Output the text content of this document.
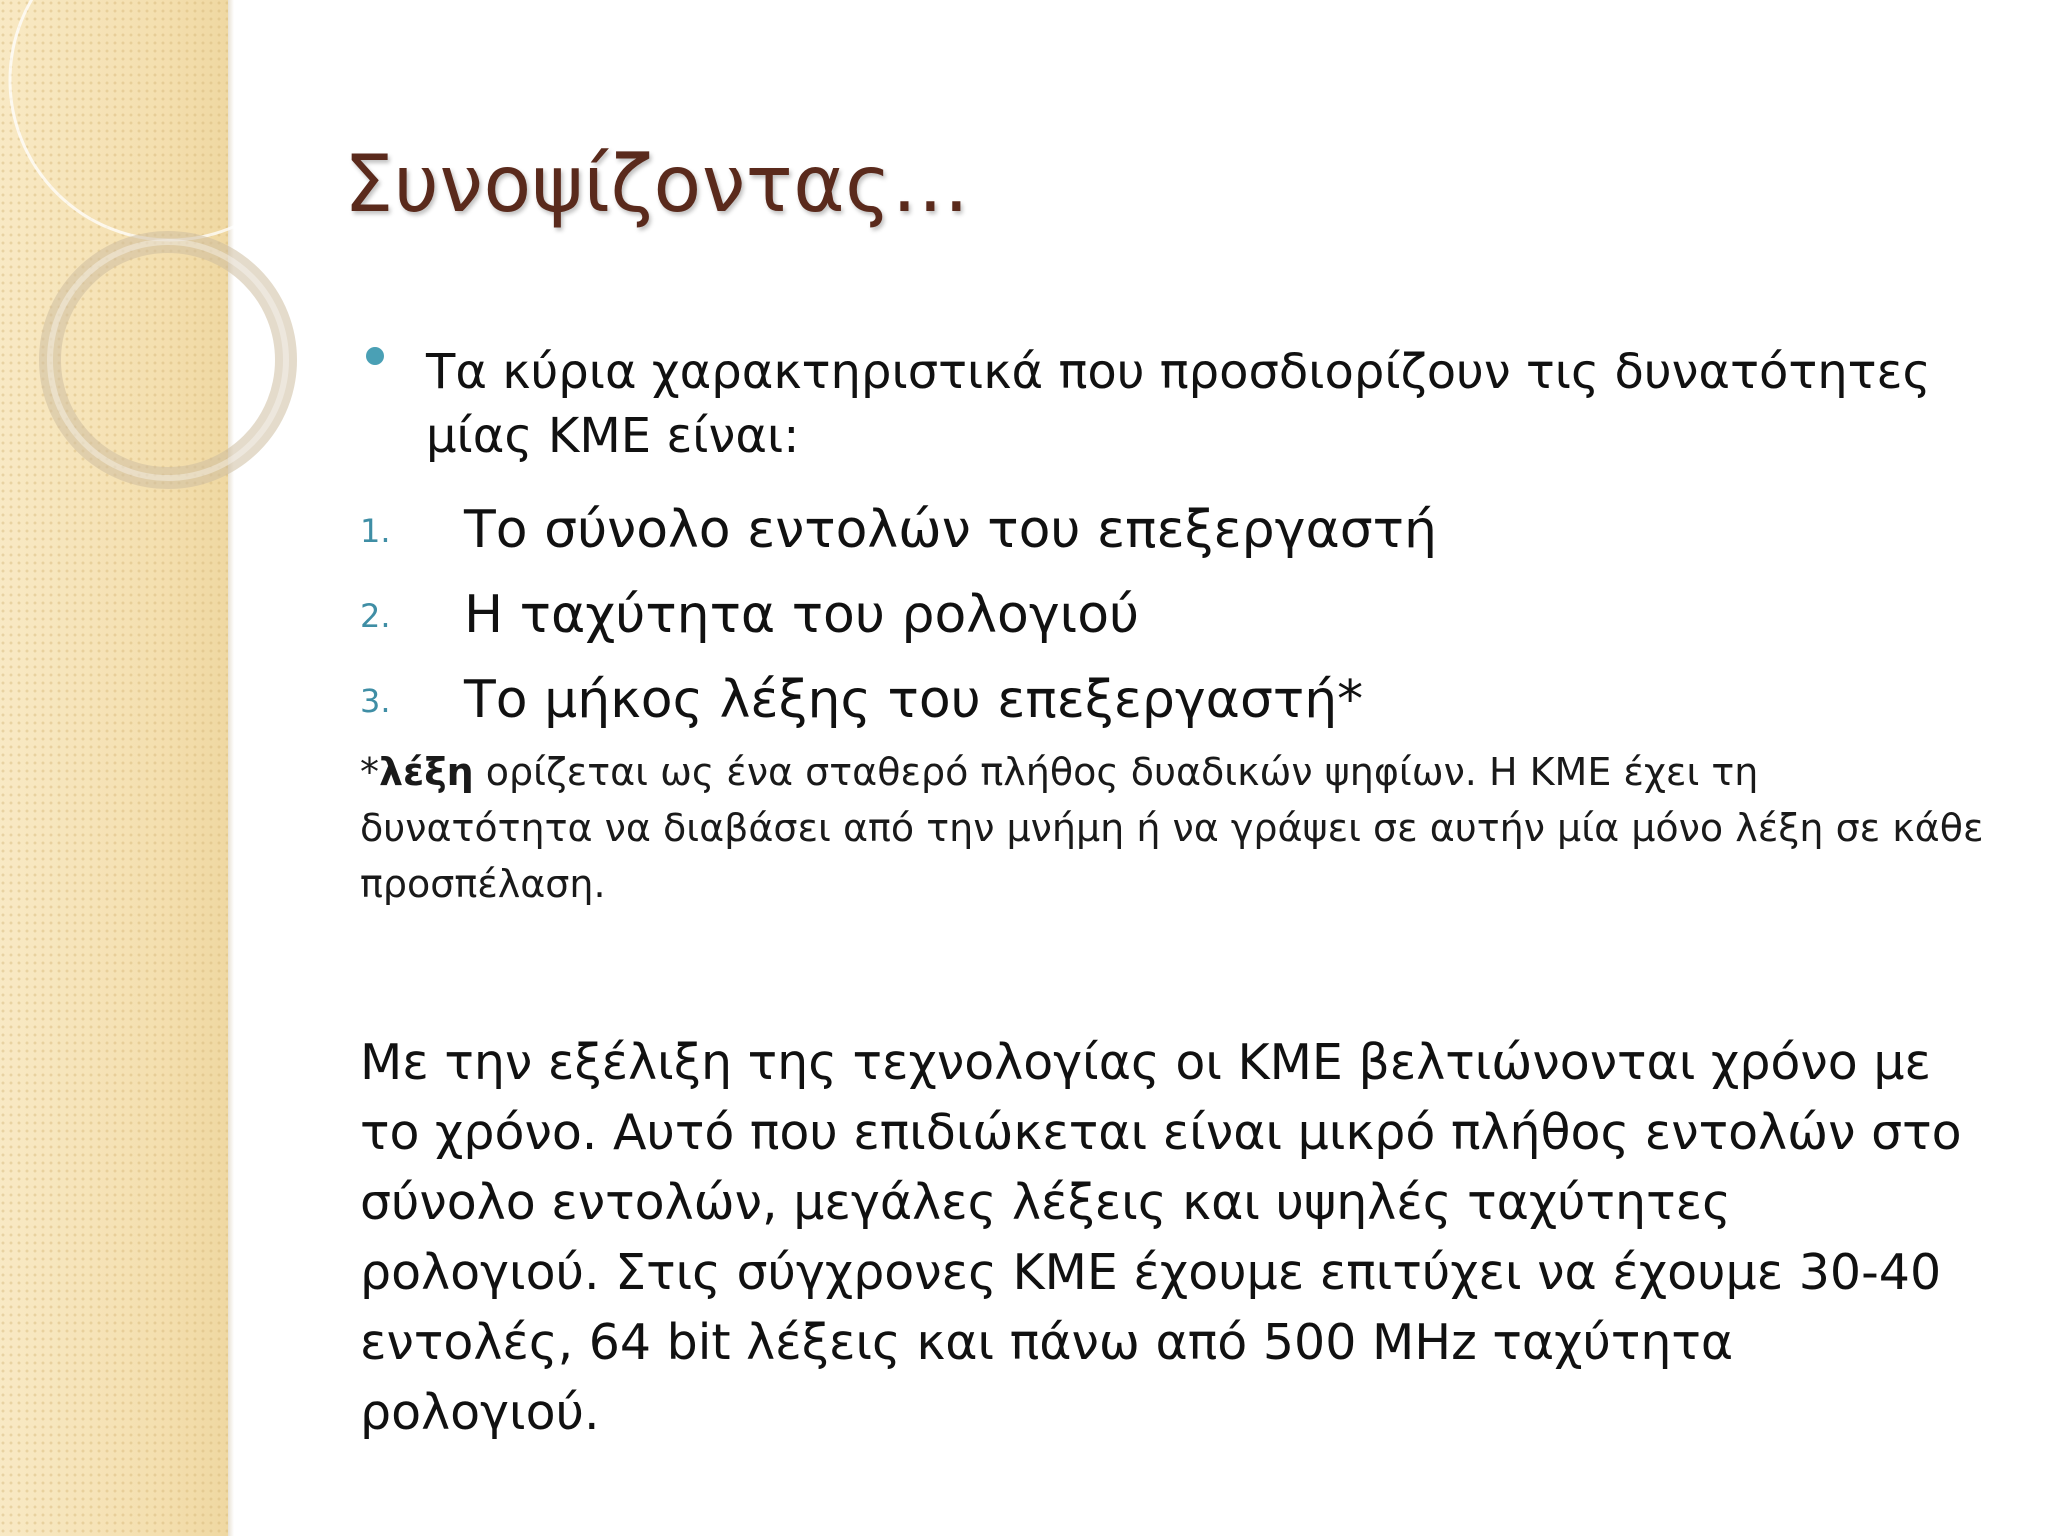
Συνοψίζοντας…

Τα κύρια χαρακτηριστικά που προσδιορίζουν τις δυνατότητες μίας ΚΜΕ είναι:

1. Το σύνολο εντολών του επεξεργαστή
2. Η ταχύτητα του ρολογιού
3. Το μήκος λέξης του επεξεργαστή*

*λέξη ορίζεται ως ένα σταθερό πλήθος δυαδικών ψηφίων. Η ΚΜΕ έχει τη δυνατότητα να διαβάσει από την μνήμη ή να γράψει σε αυτήν μία μόνο λέξη σε κάθε προσπέλαση.

Με την εξέλιξη της τεχνολογίας οι ΚΜΕ βελτιώνονται χρόνο με το χρόνο. Αυτό που επιδιώκεται είναι μικρό πλήθος εντολών στο σύνολο εντολών, μεγάλες λέξεις και υψηλές ταχύτητες ρολογιού. Στις σύγχρονες ΚΜΕ έχουμε επιτύχει να έχουμε 30-40 εντολές, 64 bit λέξεις και πάνω από 500 MHz ταχύτητα ρολογιού.
